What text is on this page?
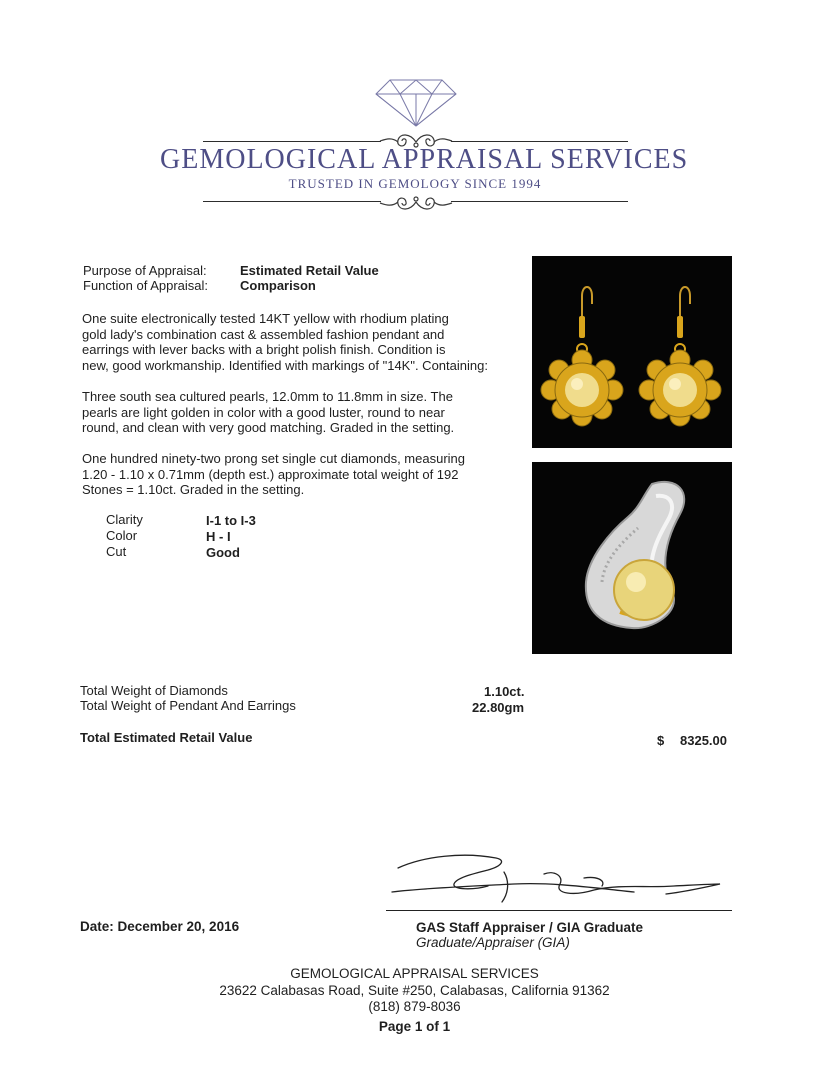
GEMOLOGICAL APPRAISAL SERVICES
TRUSTED IN GEMOLOGY SINCE 1994
Purpose of Appraisal:	Estimated Retail Value
Function of Appraisal: Comparison
One suite electronically tested 14KT yellow with rhodium plating
gold lady's combination cast & assembled fashion pendant and
earrings with lever backs with a bright polish finish. Condition is
new, good workmanship. Identified with markings of "14K". Containing:
Three south sea cultured pearls, 12.0mm to 11.8mm in size. The
pearls are light golden in color with a good luster, round to near
round, and clean with very good matching. Graded in the setting.
One hundred ninety-two prong set single cut diamonds, measuring
1.20 - 1.10 x 0.71mm (depth est.) approximate total weight of 192
Stones = 1.10ct. Graded in the setting.
Clarity	I-1 to I-3
Color	H - I
Cut	Good
Total Weight of Diamonds	1.10ct.
Total Weight of Pendant And Earrings	22.80gm
Total Estimated Retail Value	$ 8325.00
Date: December 20, 2016	GAS Staff Appraiser / GIA Graduate
Graduate/Appraiser (GIA)
GEMOLOGICAL APPRAISAL SERVICES
23622 Calabasas Road, Suite #250, Calabasas, California 91362
(818) 879-8036
Page 1 of 1
